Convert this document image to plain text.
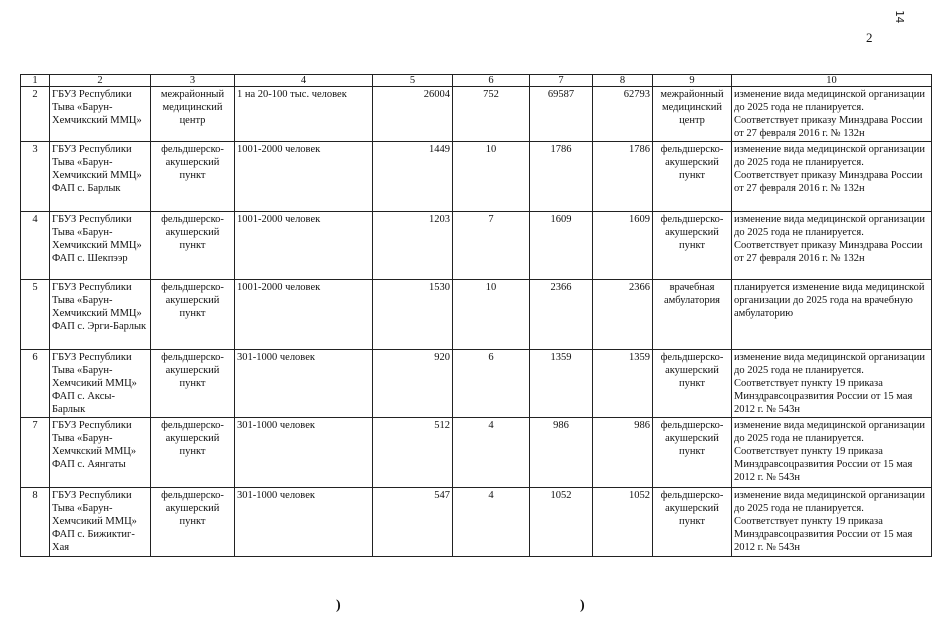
14
2
1	2	3	4	5	6	7	8	9	10
2	ГБУЗ Республики Тыва «Барун-Хемчикский ММЦ»	межрайонный медицинский центр	1 на 20-100 тыс. человек	26004	752	69587	62793	межрайонный медицинский центр	изменение вида медицинской организации до 2025 года не планируется. Соответствует приказу Минздрава России от 27 февраля 2016 г. № 132н
3	ГБУЗ Республики Тыва «Барун-Хемчикский ММЦ» ФАП с. Барлык	фельдшерско-акушерский пункт	1001-2000 человек	1449	10	1786	1786	фельдшерско-акушерский пункт	изменение вида медицинской организации до 2025 года не планируется. Соответствует приказу Минздрава России от 27 февраля 2016 г. № 132н
4	ГБУЗ Республики Тыва «Барун-Хемчикский ММЦ» ФАП с. Шекпээр	фельдшерско-акушерский пункт	1001-2000 человек	1203	7	1609	1609	фельдшерско-акушерский пункт	изменение вида медицинской организации до 2025 года не планируется. Соответствует приказу Минздрава России от 27 февраля 2016 г. № 132н
5	ГБУЗ Республики Тыва «Барун-Хемчикский ММЦ» ФАП с. Эрги-Барлык	фельдшерско-акушерский пункт	1001-2000 человек	1530	10	2366	2366	врачебная амбулатория	планируется изменение вида медицинской организации до 2025 года на врачебную амбулаторию
6	ГБУЗ Республики Тыва «Барун-Хемчсикий ММЦ» ФАП с. Аксы-Барлык	фельдшерско-акушерский пункт	301-1000 человек	920	6	1359	1359	фельдшерско-акушерский пункт	изменение вида медицинской организации до 2025 года не планируется. Соответствует пункту 19 приказа Минздравсоцразвития России от 15 мая 2012 г. № 543н
7	ГБУЗ Республики Тыва «Барун-Хемчкский ММЦ» ФАП с. Аянгаты	фельдшерско-акушерский пункт	301-1000 человек	512	4	986	986	фельдшерско-акушерский пункт	изменение вида медицинской организации до 2025 года не планируется. Соответствует пункту 19 приказа Минздравсоцразвития России от 15 мая 2012 г. № 543н
8	ГБУЗ Республики Тыва «Барун-Хемчсикий ММЦ» ФАП с. Бижиктиг-Хая	фельдшерско-акушерский пункт	301-1000 человек	547	4	1052	1052	фельдшерско-акушерский пункт	изменение вида медицинской организации до 2025 года не планируется. Соответствует пункту 19 приказа Минздравсоцразвития России от 15 мая 2012 г. № 543н
)	)
